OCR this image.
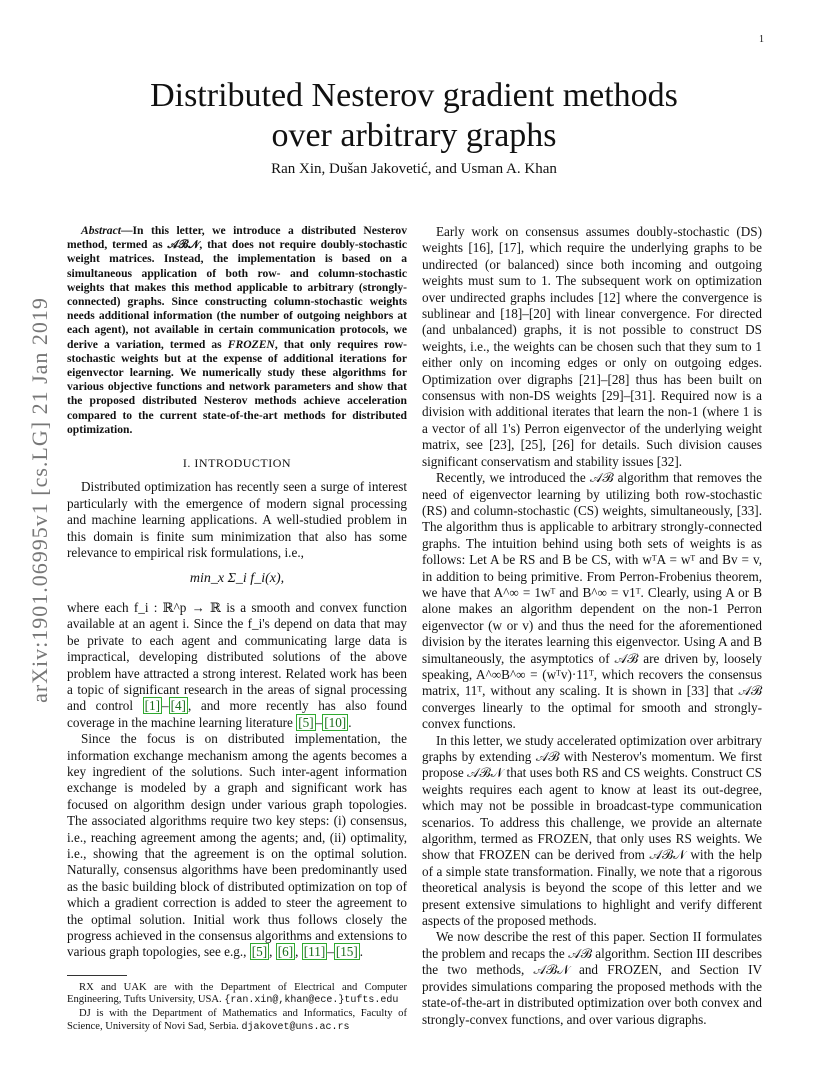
1
arXiv:1901.06995v1 [cs.LG] 21 Jan 2019
Distributed Nesterov gradient methods
over arbitrary graphs
Ran Xin, Dušan Jakovetić, and Usman A. Khan

Abstract—In this letter, we introduce a distributed Nesterov method, termed as 𝒜ℬ𝒩, that does not require doubly-stochastic weight matrices. Instead, the implementation is based on a simultaneous application of both row- and column-stochastic weights that makes this method applicable to arbitrary (strongly-connected) graphs. Since constructing column-stochastic weights needs additional information (the number of outgoing neighbors at each agent), not available in certain communication protocols, we derive a variation, termed as FROZEN, that only requires row-stochastic weights but at the expense of additional iterations for eigenvector learning. We numerically study these algorithms for various objective functions and network parameters and show that the proposed distributed Nesterov methods achieve acceleration compared to the current state-of-the-art methods for distributed optimization.

I. INTRODUCTION

Distributed optimization has recently seen a surge of interest particularly with the emergence of modern signal processing and machine learning applications. A well-studied problem in this domain is finite sum minimization that also has some relevance to empirical risk formulations, i.e.,

min_x Σ_i f_i(x),

where each f_i : ℝ^p → ℝ is a smooth and convex function available at an agent i. Since the f_i's depend on data that may be private to each agent and communicating large data is impractical, developing distributed solutions of the above problem have attracted a strong interest. Related work has been a topic of significant research in the areas of signal processing and control [1] – [4] , and more recently has also found coverage in the machine learning literature [5] – [10] .

Since the focus is on distributed implementation, the information exchange mechanism among the agents becomes a key ingredient of the solutions. Such inter-agent information exchange is modeled by a graph and significant work has focused on algorithm design under various graph topologies. The associated algorithms require two key steps: (i) consensus, i.e., reaching agreement among the agents; and, (ii) optimality, i.e., showing that the agreement is on the optimal solution. Naturally, consensus algorithms have been predominantly used as the basic building block of distributed optimization on top of which a gradient correction is added to steer the agreement to the optimal solution. Initial work thus follows closely the progress achieved in the consensus algorithms and extensions to various graph topologies, see e.g., [5] , [6] , [11] – [15] .

RX and UAK are with the Department of Electrical and Computer Engineering, Tufts University, USA. {ran.xin@,khan@ece.}tufts.edu

DJ is with the Department of Mathematics and Informatics, Faculty of Science, University of Novi Sad, Serbia. djakovet@uns.ac.rs

Early work on consensus assumes doubly-stochastic (DS) weights [16], [17], which require the underlying graphs to be undirected (or balanced) since both incoming and outgoing weights must sum to 1. The subsequent work on optimization over undirected graphs includes [12] where the convergence is sublinear and [18]–[20] with linear convergence. For directed (and unbalanced) graphs, it is not possible to construct DS weights, i.e., the weights can be chosen such that they sum to 1 either only on incoming edges or only on outgoing edges. Optimization over digraphs [21]–[28] thus has been built on consensus with non-DS weights [29]–[31]. Required now is a division with additional iterates that learn the non-1 (where 1 is a vector of all 1's) Perron eigenvector of the underlying weight matrix, see [23], [25], [26] for details. Such division causes significant conservatism and stability issues [32].

Recently, we introduced the 𝒜ℬ algorithm that removes the need of eigenvector learning by utilizing both row-stochastic (RS) and column-stochastic (CS) weights, simultaneously, [33]. The algorithm thus is applicable to arbitrary strongly-connected graphs. The intuition behind using both sets of weights is as follows: Let A be RS and B be CS, with wᵀA = wᵀ and Bv = v, in addition to being primitive. From Perron-Frobenius theorem, we have that A^∞ = 1wᵀ and B^∞ = v1ᵀ. Clearly, using A or B alone makes an algorithm dependent on the non-1 Perron eigenvector (w or v) and thus the need for the aforementioned division by the iterates learning this eigenvector. Using A and B simultaneously, the asymptotics of 𝒜ℬ are driven by, loosely speaking, A^∞B^∞ = (wᵀv)·11ᵀ, which recovers the consensus matrix, 11ᵀ, without any scaling. It is shown in [33] that 𝒜ℬ converges linearly to the optimal for smooth and strongly-convex functions.

In this letter, we study accelerated optimization over arbitrary graphs by extending 𝒜ℬ with Nesterov's momentum. We first propose 𝒜ℬ𝒩 that uses both RS and CS weights. Construct CS weights requires each agent to know at least its out-degree, which may not be possible in broadcast-type communication scenarios. To address this challenge, we provide an alternate algorithm, termed as FROZEN, that only uses RS weights. We show that FROZEN can be derived from 𝒜ℬ𝒩 with the help of a simple state transformation. Finally, we note that a rigorous theoretical analysis is beyond the scope of this letter and we present extensive simulations to highlight and verify different aspects of the proposed methods.

We now describe the rest of this paper. Section II formulates the problem and recaps the 𝒜ℬ algorithm. Section III describes the two methods, 𝒜ℬ𝒩 and FROZEN, and Section IV provides simulations comparing the proposed methods with the state-of-the-art in distributed optimization over both convex and strongly-convex functions, and over various digraphs.
